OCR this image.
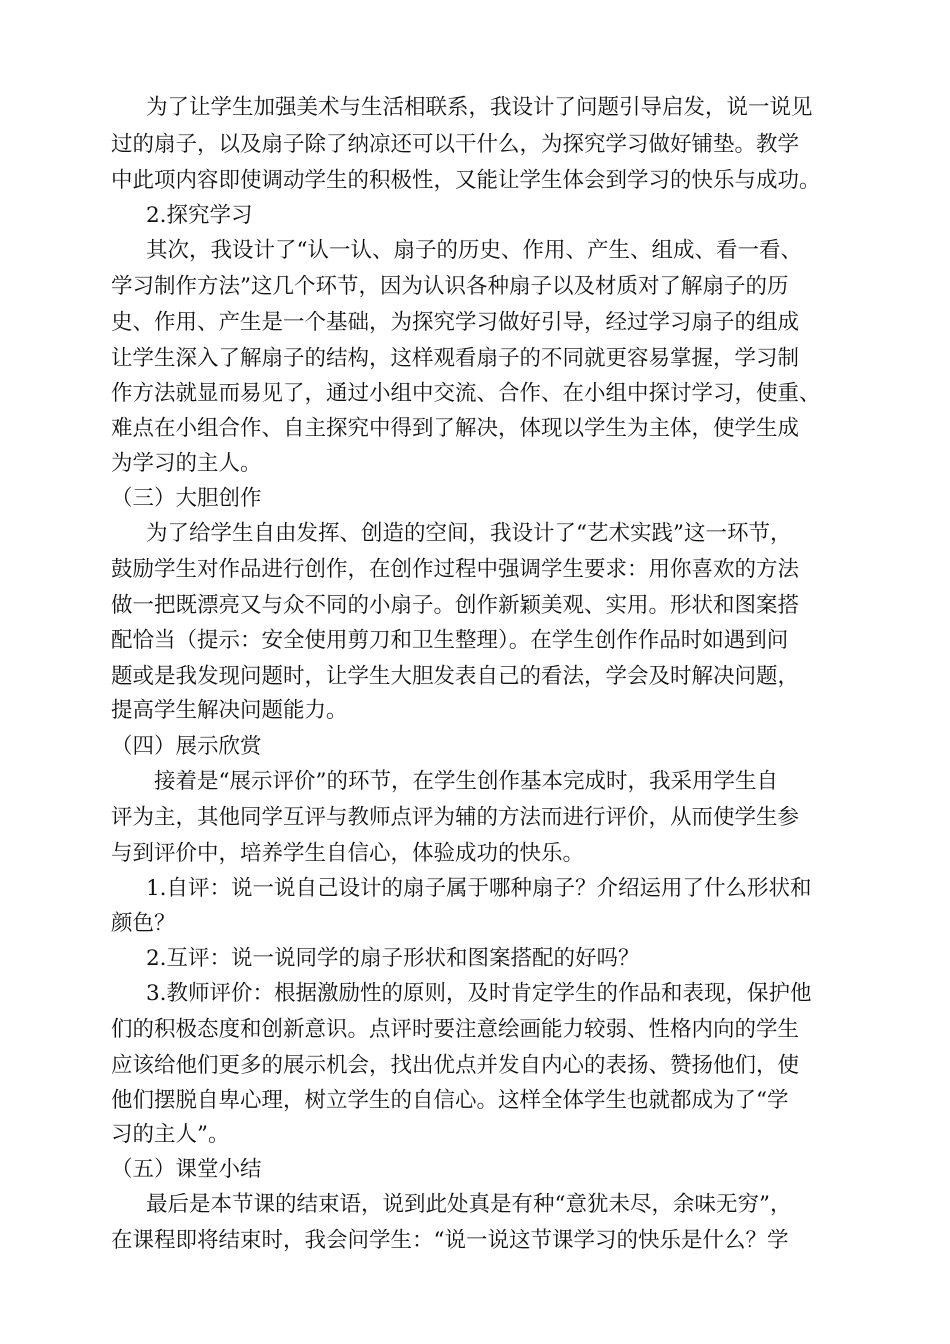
为了让学生加强美术与生活相联系，我设计了问题引导启发，说一说见
过的扇子，以及扇子除了纳凉还可以干什么，为探究学习做好铺垫。教学
中此项内容即使调动学生的积极性，又能让学生体会到学习的快乐与成功。
2.探究学习
其次，我设计了“认一认、扇子的历史、作用、产生、组成、看一看、
学习制作方法”这几个环节，因为认识各种扇子以及材质对了解扇子的历
史、作用、产生是一个基础，为探究学习做好引导，经过学习扇子的组成
让学生深入了解扇子的结构，这样观看扇子的不同就更容易掌握，学习制
作方法就显而易见了，通过小组中交流、合作、在小组中探讨学习，使重、
难点在小组合作、自主探究中得到了解决，体现以学生为主体，使学生成
为学习的主人。
（三）大胆创作
为了给学生自由发挥、创造的空间，我设计了“艺术实践”这一环节，
鼓励学生对作品进行创作，在创作过程中强调学生要求：用你喜欢的方法
做一把既漂亮又与众不同的小扇子。创作新颖美观、实用。形状和图案搭
配恰当（提示：安全使用剪刀和卫生整理）。在学生创作作品时如遇到问
题或是我发现问题时，让学生大胆发表自己的看法，学会及时解决问题，
提高学生解决问题能力。
（四）展示欣赏
接着是“展示评价”的环节，在学生创作基本完成时，我采用学生自
评为主，其他同学互评与教师点评为辅的方法而进行评价，从而使学生参
与到评价中，培养学生自信心，体验成功的快乐。
1.自评：说一说自己设计的扇子属于哪种扇子？介绍运用了什么形状和
颜色？
2.互评：说一说同学的扇子形状和图案搭配的好吗？
3.教师评价：根据激励性的原则，及时肯定学生的作品和表现，保护他
们的积极态度和创新意识。点评时要注意绘画能力较弱、性格内向的学生
应该给他们更多的展示机会，找出优点并发自内心的表扬、赞扬他们，使
他们摆脱自卑心理，树立学生的自信心。这样全体学生也就都成为了“学
习的主人”。
（五）课堂小结
最后是本节课的结束语，说到此处真是有种“意犹未尽，余味无穷”，
在课程即将结束时，我会问学生：“说一说这节课学习的快乐是什么？学
